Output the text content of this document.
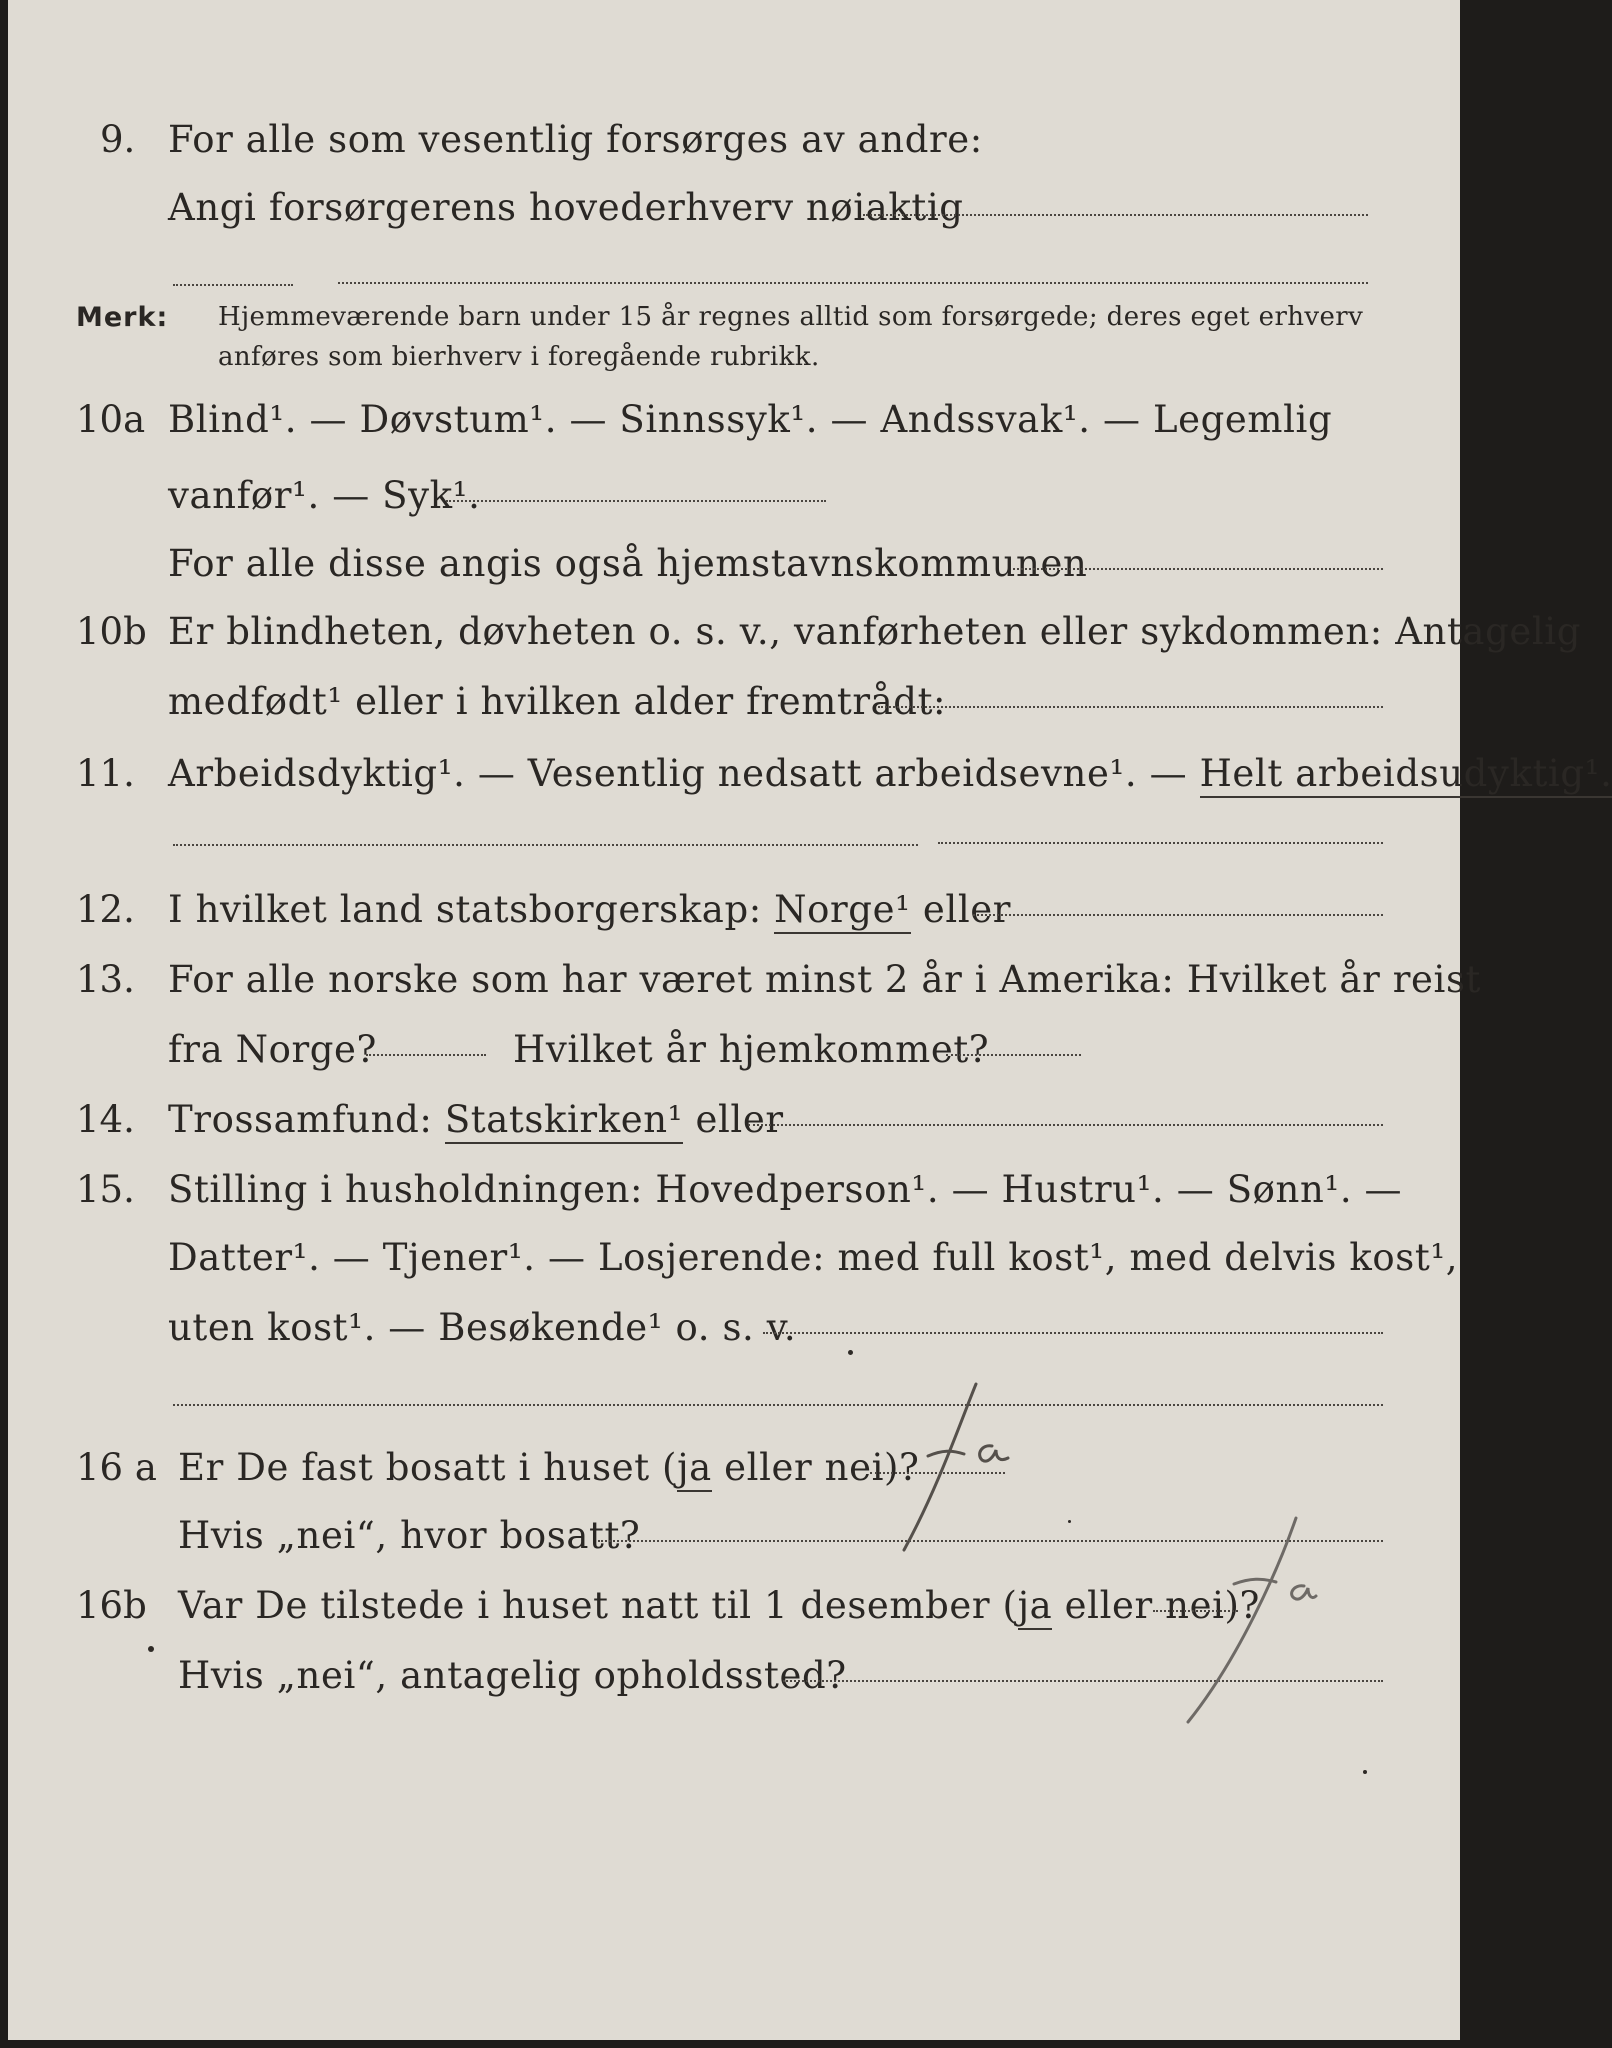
9. For alle som vesentlig forsørges av andre:
Angi forsørgerens hovederhverv nøiaktig
Merk: Hjemmeværende barn under 15 år regnes alltid som forsørgede; deres eget erhverv
anføres som bierhverv i foregående rubrikk.
10a Blind¹. — Døvstum¹. — Sinnssyk¹. — Andssvak¹. — Legemlig
vanfør¹. — Syk¹.
For alle disse angis også hjemstavnskommunen
10b Er blindheten, døvheten o. s. v., vanførheten eller sykdommen: Antagelig
medfødt¹ eller i hvilken alder fremtrådt:
11. Arbeidsdyktig¹. — Vesentlig nedsatt arbeidsevne¹. — Helt arbeidsudyktig¹.
12. I hvilket land statsborgerskap: Norge¹ eller
13. For alle norske som har været minst 2 år i Amerika: Hvilket år reist
fra Norge?	Hvilket år hjemkommet?
14. Trossamfund: Statskirken¹ eller
15. Stilling i husholdningen: Hovedperson¹. — Hustru¹. — Sønn¹. —
Datter¹. — Tjener¹. — Losjerende: med full kost¹, med delvis kost¹,
uten kost¹. — Besøkende¹ o. s. v.
16 a Er De fast bosatt i huset (ja eller nei)?
Hvis „nei“, hvor bosatt?
16b Var De tilstede i huset natt til 1 desember (ja eller nei)?
Hvis „nei“, antagelig opholdssted?
Ja
Ja
